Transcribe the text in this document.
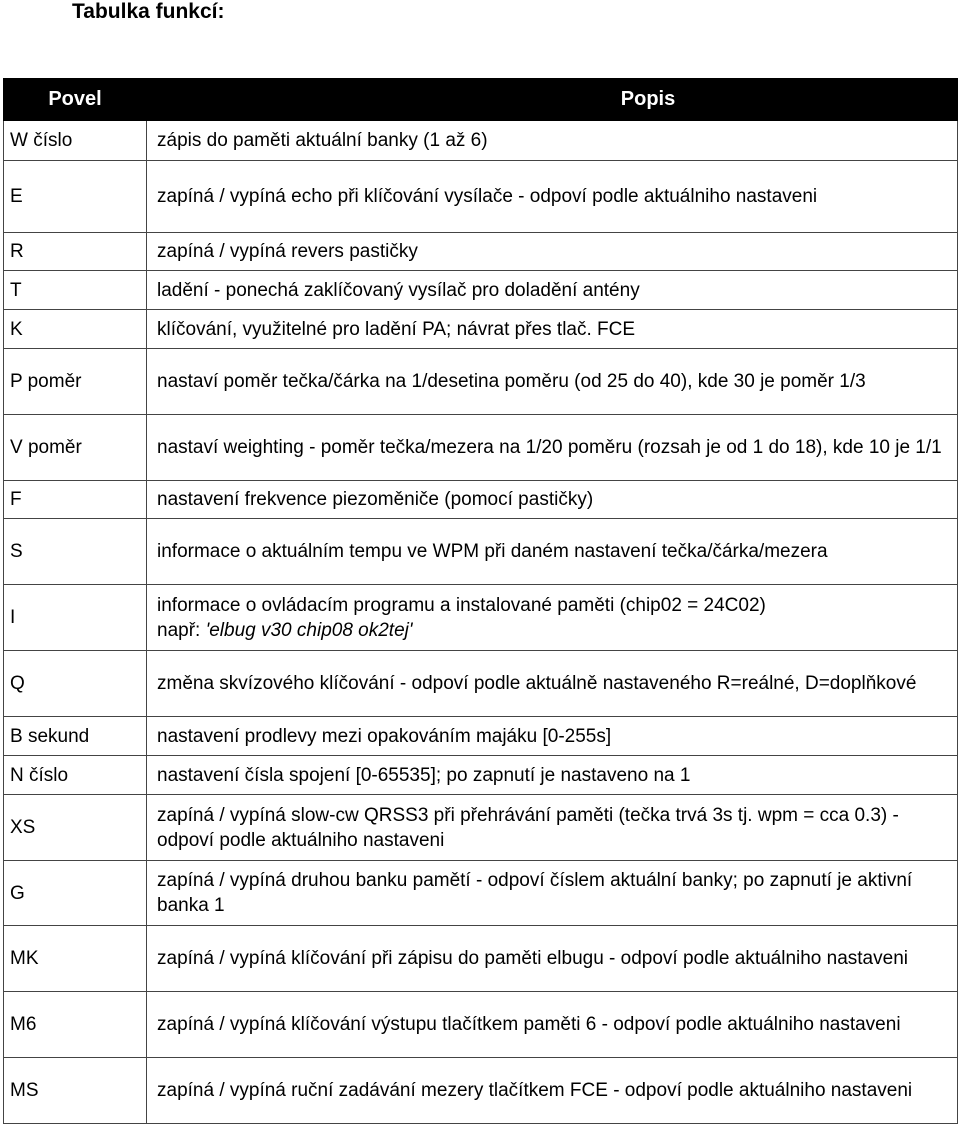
Tabulka funkcí:
Povel	Popis
W číslo	zápis do paměti aktuální banky (1 až 6)
E	zapíná / vypíná echo při klíčování vysílače - odpoví podle aktuálniho nastaveni
R	zapíná / vypíná revers pastičky
T	ladění - ponechá zaklíčovaný vysílač pro doladění antény
K	klíčování, využitelné pro ladění PA; návrat přes tlač. FCE
P poměr	nastaví poměr tečka/čárka na 1/desetina poměru (od 25 do 40), kde 30 je poměr 1/3
V poměr	nastaví weighting - poměr tečka/mezera na 1/20 poměru (rozsah je od 1 do 18), kde 10 je 1/1
F	nastavení frekvence piezoměniče (pomocí pastičky)
S	informace o aktuálním tempu ve WPM při daném nastavení tečka/čárka/mezera
I	informace o ovládacím programu a instalované paměti (chip02 = 24C02)
např: 'elbug v30 chip08 ok2tej'
Q	změna skvízového klíčování - odpoví podle aktuálně nastaveného R=reálné, D=doplňkové
B sekund	nastavení prodlevy mezi opakováním majáku [0-255s]
N číslo	nastavení čísla spojení [0-65535]; po zapnutí je nastaveno na 1
XS	zapíná / vypíná slow-cw QRSS3 při přehrávání paměti (tečka trvá 3s tj. wpm = cca 0.3) - odpoví podle aktuálniho nastaveni
G	zapíná / vypíná druhou banku pamětí - odpoví číslem aktuální banky; po zapnutí je aktivní banka 1
MK	zapíná / vypíná klíčování při zápisu do paměti elbugu - odpoví podle aktuálniho nastaveni
M6	zapíná / vypíná klíčování výstupu tlačítkem paměti 6 - odpoví podle aktuálniho nastaveni
MS	zapíná / vypíná ruční zadávání mezery tlačítkem FCE - odpoví podle aktuálniho nastaveni
